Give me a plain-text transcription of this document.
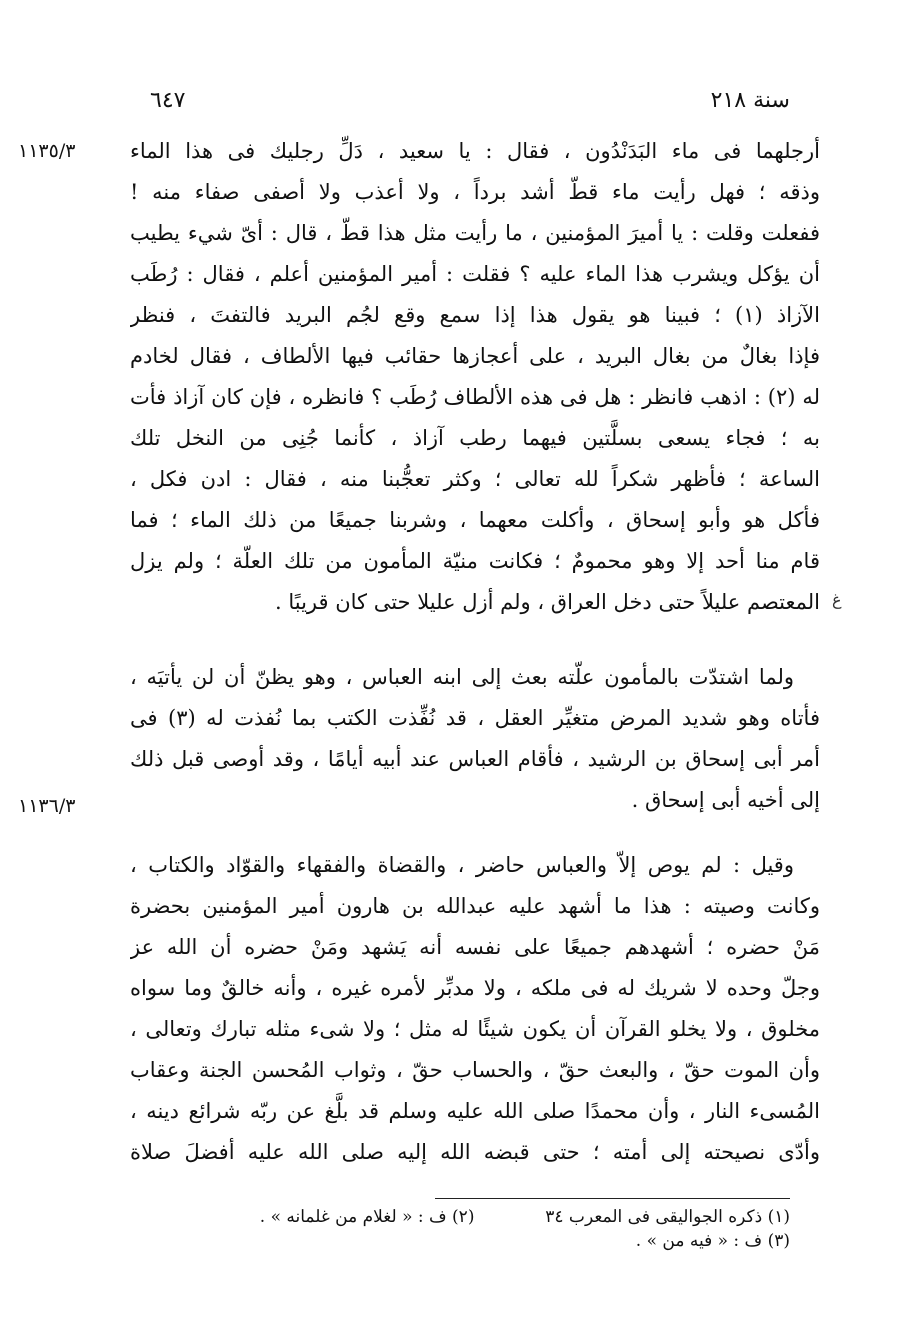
سنة ٢١٨
٦٤٧
١١٣٥/٣
١١٣٦/٣
غ
أرجلهما فى ماء البَدَنْدُون ، فقال : يا سعيد ، دَلِّ رجليك فى هذا الماء
وذقه ؛ فهل رأيت ماء قطّ أشد برداً ، ولا أعذب ولا أصفى صفاء منه !
ففعلت وقلت : يا أميرَ المؤمنين ، ما رأيت مثل هذا قطّ ، قال : أىّ شيء يطيب
أن يؤكل ويشرب هذا الماء عليه ؟ فقلت : أمير المؤمنين أعلم ، فقال : رُطَب
الآزاذ (١) ؛ فبينا هو يقول هذا إذا سمع وقع لجُم البريد فالتفتَ ، فنظر
فإذا بغالٌ من بغال البريد ، على أعجازها حقائب فيها الألطاف ، فقال لخادم
له (٢) : اذهب فانظر : هل فى هذه الألطاف رُطَب ؟ فانظره ، فإن كان آزاذ فأت
به ؛ فجاء يسعى بسلَّتين فيهما رطب آزاذ ، كأنما جُنِى من النخل تلك
الساعة ؛ فأظهر شكراً لله تعالى ؛ وكثر تعجُّبنا منه ، فقال : ادن فكل ،
فأكل هو وأبو إسحاق ، وأكلت معهما ، وشربنا جميعًا من ذلك الماء ؛ فما
قام منا أحد إلا وهو محمومٌ ؛ فكانت منيّة المأمون من تلك العلّة ؛ ولم يزل
المعتصم عليلاً حتى دخل العراق ، ولم أزل عليلا حتى كان قريبًا .
ولما اشتدّت بالمأمون علّته بعث إلى ابنه العباس ، وهو يظنّ أن لن يأتيَه ،
فأتاه وهو شديد المرض متغيِّر العقل ، قد نُفِّذت الكتب بما نُفذت له (٣) فى
أمر أبى إسحاق بن الرشيد ، فأقام العباس عند أبيه أيامًا ، وقد أوصى قبل ذلك
إلى أخيه أبى إسحاق .
وقيل : لم يوص إلاّ والعباس حاضر ، والقضاة والفقهاء والقوّاد والكتاب ،
وكانت وصيته : هذا ما أشهد عليه عبدالله بن هارون أمير المؤمنين بحضرة
مَنْ حضره ؛ أشهدهم جميعًا على نفسه أنه يَشهد ومَنْ حضره أن الله عز
وجلّ وحده لا شريك له فى ملكه ، ولا مدبِّر لأمره غيره ، وأنه خالقٌ وما سواه
مخلوق ، ولا يخلو القرآن أن يكون شيئًا له مثل ؛ ولا شىء مثله تبارك وتعالى ،
وأن الموت حقّ ، والبعث حقّ ، والحساب حقّ ، وثواب المُحسن الجنة وعقاب
المُسىء النار ، وأن محمدًا صلى الله عليه وسلم قد بلَّغ عن ربّه شرائع دينه ،
وأدّى نصيحته إلى أمته ؛ حتى قبضه الله إليه صلى الله عليه أفضلَ صلاة
(١) ذكره الجواليقى فى المعرب ٣٤  (٢) ف : « لغلام من غلمانه » .
(٣) ف : « فيه من » .
